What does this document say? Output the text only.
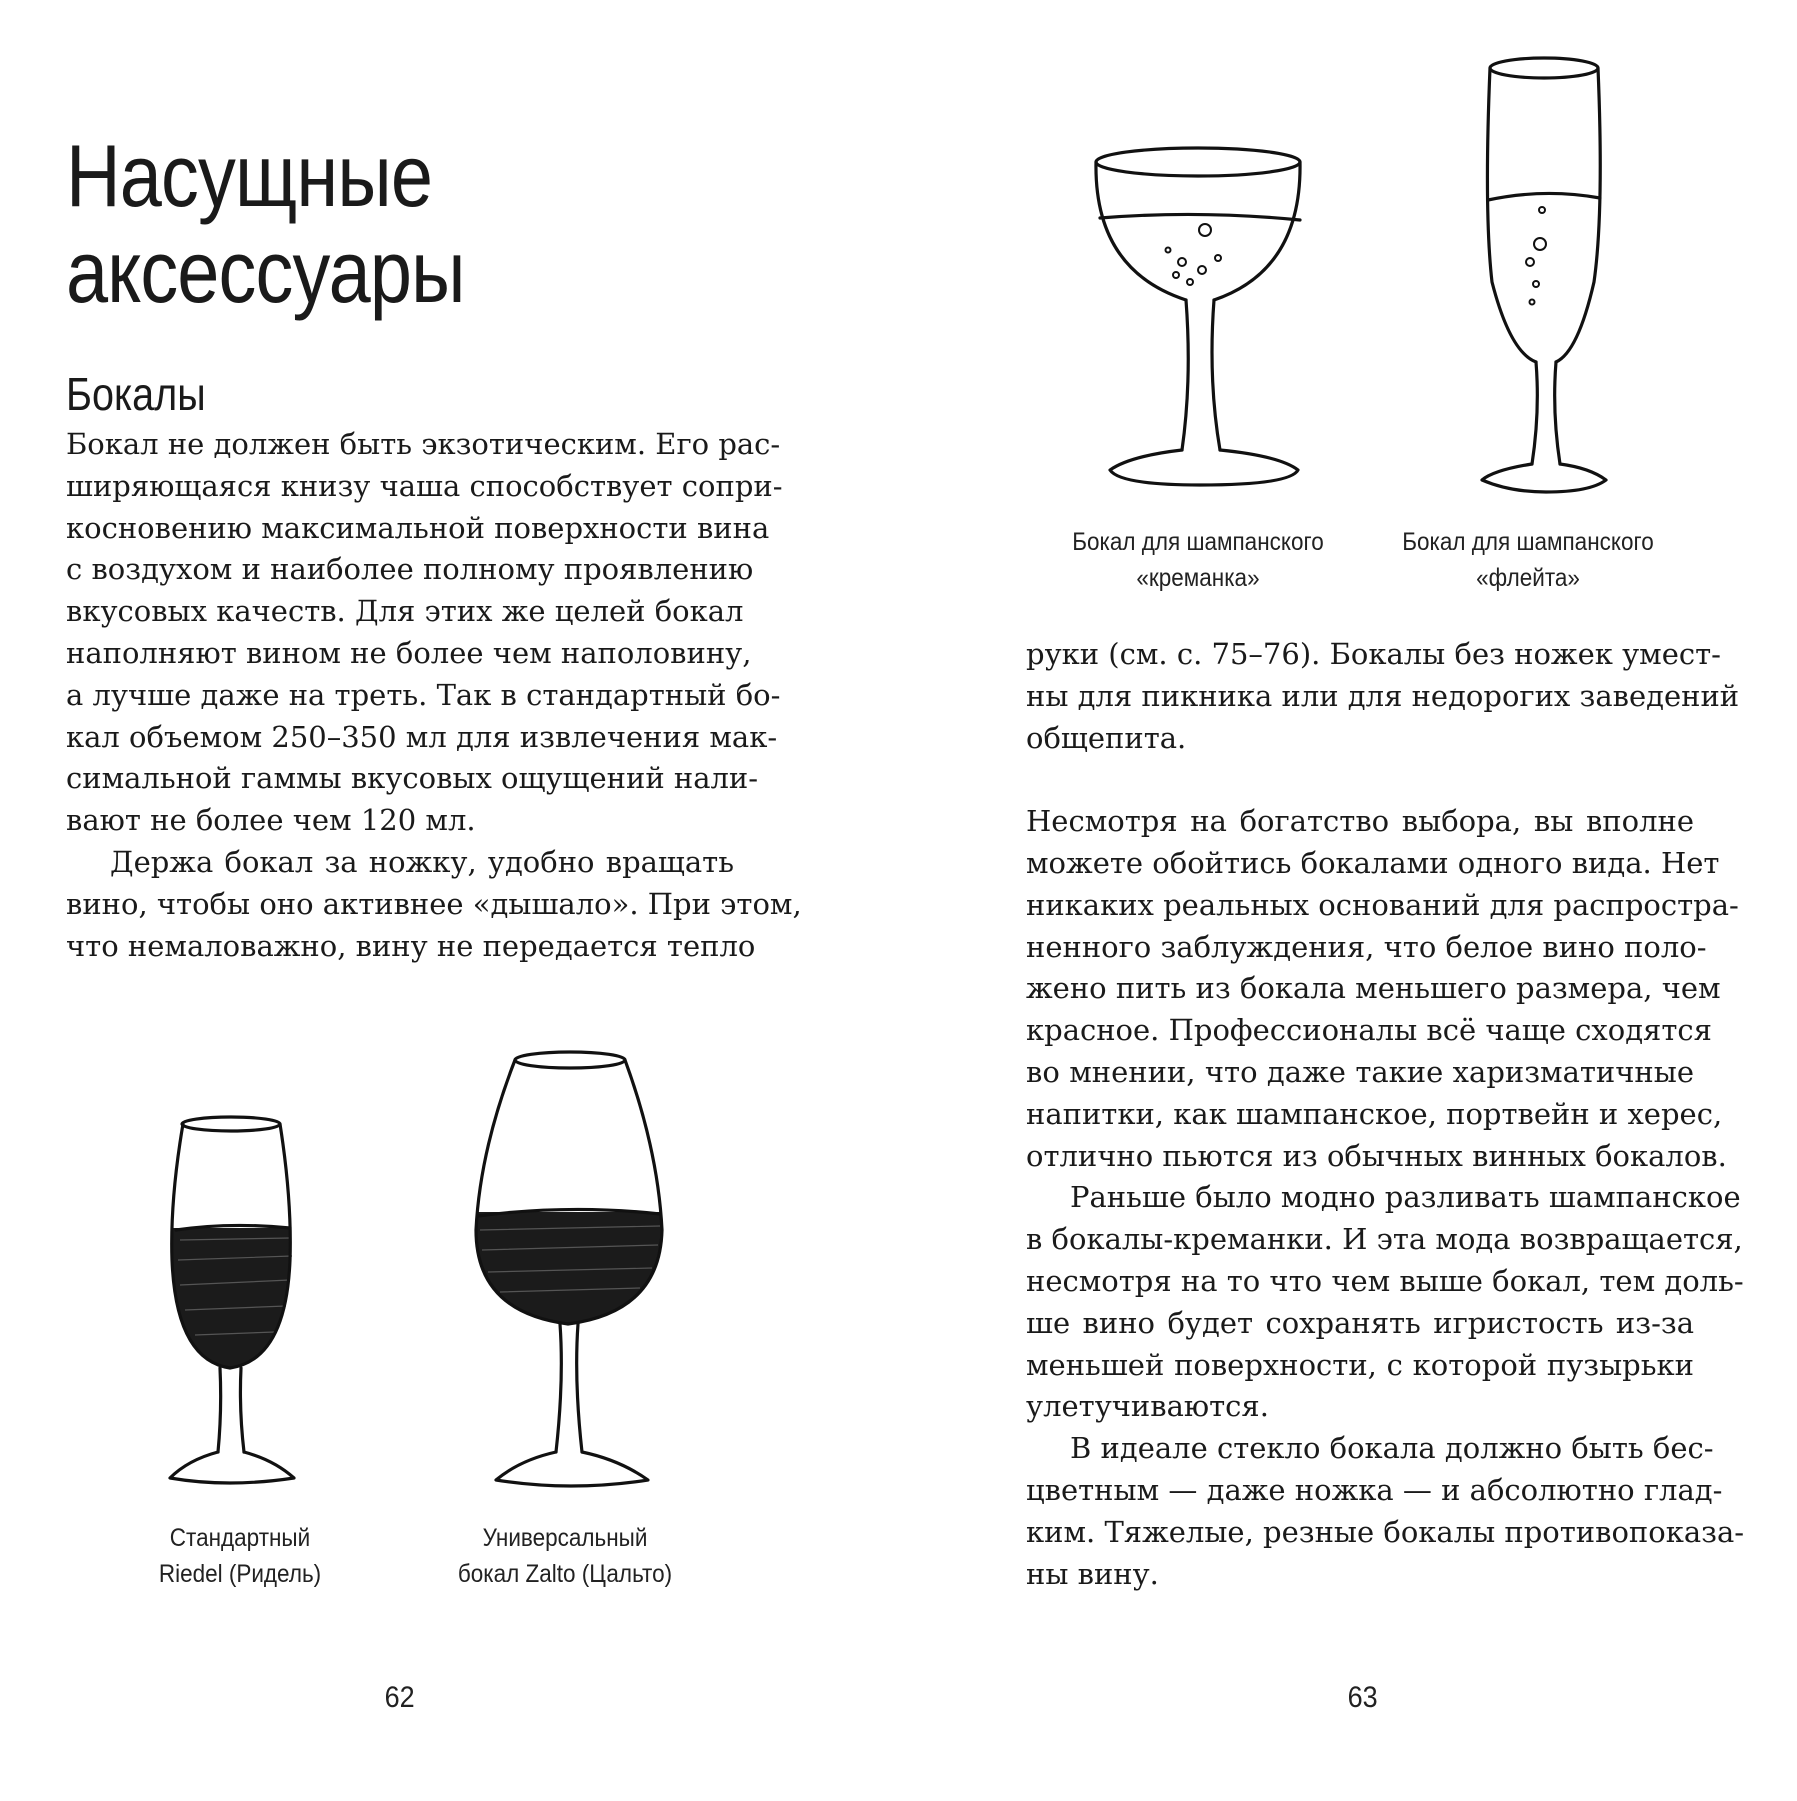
Насущные
аксессуары
Бокалы
Бокал не должен быть экзотическим. Его рас-
ширяющаяся книзу чаша способствует сопри-
косновению максимальной поверхности вина
с воздухом и наиболее полному проявлению
вкусовых качеств. Для этих же целей бокал
наполняют вином не более чем наполовину,
а лучше даже на треть. Так в стандартный бо-
кал объемом 250–350 мл для извлечения мак-
симальной гаммы вкусовых ощущений нали-
вают не более чем 120 мл.
Держа бокал за ножку, удобно вращать
вино, чтобы оно активнее «дышало». При этом,
что немаловажно, вину не передается тепло
Стандартный
Riedel (Ридель)
Универсальный
бокал Zalto (Цальто)
62
Бокал для шампанского
«креманка»
Бокал для шампанского
«флейта»
руки (см. с. 75–76). Бокалы без ножек умест-
ны для пикника или для недорогих заведений
общепита.
Несмотря на богатство выбора, вы вполне
можете обойтись бокалами одного вида. Нет
никаких реальных оснований для распростра-
ненного заблуждения, что белое вино поло-
жено пить из бокала меньшего размера, чем
красное. Профессионалы всё чаще сходятся
во мнении, что даже такие харизматичные
напитки, как шампанское, портвейн и херес,
отлично пьются из обычных винных бокалов.
Раньше было модно разливать шампанское
в бокалы-креманки. И эта мода возвращается,
несмотря на то что чем выше бокал, тем доль-
ше вино будет сохранять игристость из-за
меньшей поверхности, с которой пузырьки
улетучиваются.
В идеале стекло бокала должно быть бес-
цветным — даже ножка — и абсолютно глад-
ким. Тяжелые, резные бокалы противопоказа-
ны вину.
63
